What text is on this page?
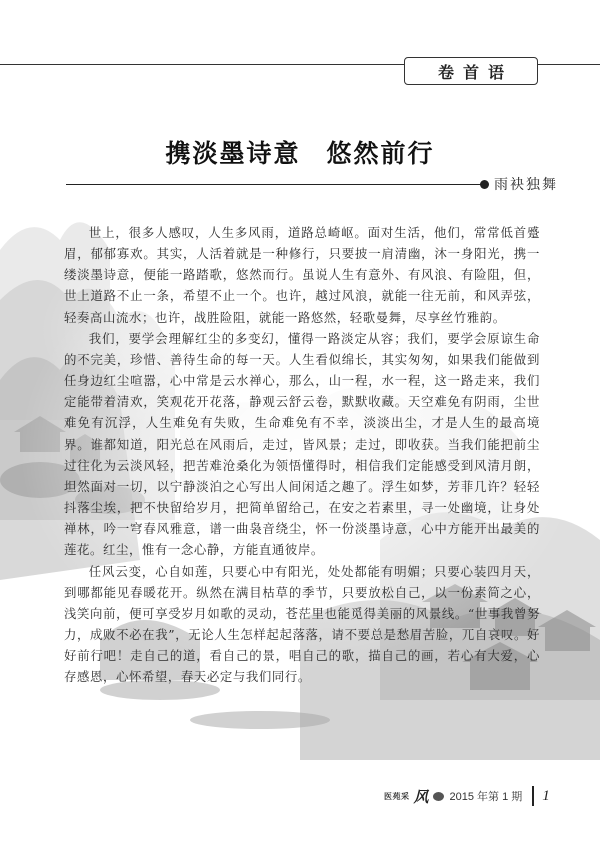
卷首语
携淡墨诗意 悠然前行
雨袂独舞

世上，很多人感叹，人生多风雨，道路总崎岖。面对生活，他们，常常低首蹙眉，郁郁寡欢。其实，人活着就是一种修行，只要披一肩清幽，沐一身阳光，携一缕淡墨诗意，便能一路踏歌，悠然而行。虽说人生有意外、有风浪、有险阻，但，世上道路不止一条，希望不止一个。也许，越过风浪，就能一往无前，和风弄弦，轻奏高山流水；也许，战胜险阻，就能一路悠然，轻歌曼舞，尽享丝竹雅韵。

我们，要学会理解红尘的多变幻，懂得一路淡定从容；我们，要学会原谅生命的不完美，珍惜、善待生命的每一天。人生看似绵长，其实匆匆，如果我们能做到任身边红尘喧嚣，心中常是云水禅心，那么，山一程，水一程，这一路走来，我们定能带着清欢，笑观花开花落，静观云舒云卷，默默收藏。天空难免有阴雨，尘世难免有沉浮，人生难免有失败，生命难免有不幸，淡淡出尘，才是人生的最高境界。谁都知道，阳光总在风雨后，走过，皆风景；走过，即收获。当我们能把前尘过往化为云淡风轻，把苦难沧桑化为领悟懂得时，相信我们定能感受到风清月朗，坦然面对一切，以宁静淡泊之心写出人间闲适之趣了。浮生如梦，芳菲几许？轻轻抖落尘埃，把不快留给岁月，把简单留给己，在安之若素里，寻一处幽境，让身处禅林，吟一穹春风雅意，谱一曲袅音绕尘，怀一份淡墨诗意，心中方能开出最美的莲花。红尘，惟有一念心静，方能直通彼岸。

任风云变，心自如莲，只要心中有阳光，处处都能有明媚；只要心装四月天，到哪都能见春暖花开。纵然在满目枯草的季节，只要放松自己，以一份素简之心，浅笑向前，便可享受岁月如歌的灵动，苍茫里也能觅得美丽的风景线。“世事我曾努力，成败不必在我”，无论人生怎样起起落落，请不要总是愁眉苦脸，兀自哀叹。好好前行吧！走自己的道，看自己的景，唱自己的歌，描自己的画，若心有大爱，心存感恩，心怀希望，春天必定与我们同行。

医苑采 风 2015 年第 1 期 1
